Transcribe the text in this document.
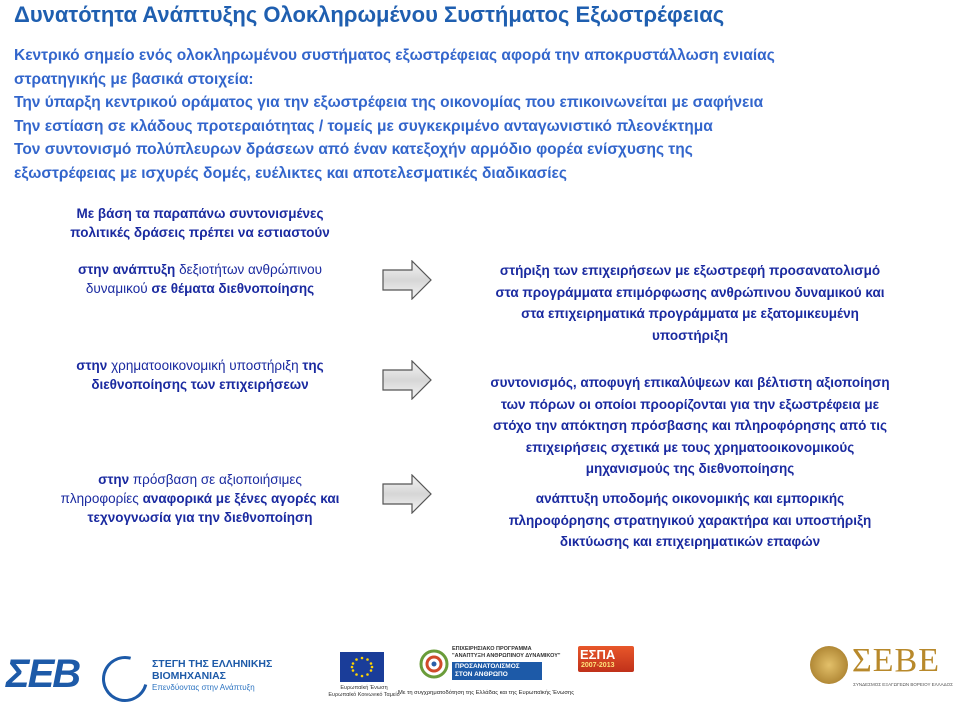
Δυνατότητα Ανάπτυξης Ολοκληρωμένου Συστήματος Εξωστρέφειας
Κεντρικό σημείο ενός ολοκληρωμένου συστήματος εξωστρέφειας αφορά την αποκρυστάλλωση ενιαίας
στρατηγικής με βασικά στοιχεία:
Την ύπαρξη κεντρικού οράματος για την εξωστρέφεια της οικονομίας που επικοινωνείται με σαφήνεια
Την εστίαση σε κλάδους προτεραιότητας / τομείς με συγκεκριμένο ανταγωνιστικό πλεονέκτημα
Τον συντονισμό πολύπλευρων δράσεων από έναν κατεξοχήν αρμόδιο φορέα ενίσχυσης της
εξωστρέφειας με ισχυρές δομές, ευέλικτες και αποτελεσματικές διαδικασίες
Με βάση τα παραπάνω συντονισμένες
πολιτικές δράσεις πρέπει να εστιαστούν
στην ανάπτυξη δεξιοτήτων ανθρώπινου
δυναμικού σε θέματα διεθνοποίησης
στην χρηματοοικονομική υποστήριξη της
διεθνοποίησης των επιχειρήσεων
στην πρόσβαση σε αξιοποιήσιμες
πληροφορίες αναφορικά με ξένες αγορές και
τεχνογνωσία για την διεθνοποίηση
στήριξη των επιχειρήσεων με εξωστρεφή προσανατολισμό
στα προγράμματα επιμόρφωσης ανθρώπινου δυναμικού και
στα επιχειρηματικά προγράμματα με εξατομικευμένη
υποστήριξη
συντονισμός, αποφυγή επικαλύψεων και βέλτιστη αξιοποίηση
των πόρων οι οποίοι προορίζονται για την εξωστρέφεια με
στόχο την απόκτηση πρόσβασης και πληροφόρησης από τις
επιχειρήσεις σχετικά με τους χρηματοοικονομικούς
μηχανισμούς της διεθνοποίησης
ανάπτυξη υποδομής οικονομικής και εμπορικής
πληροφόρησης στρατηγικού χαρακτήρα και υποστήριξη
δικτύωσης και επιχειρηματικών επαφών
ΣΕΒ	ΣΤΕΓΗ ΤΗΣ ΕΛΛΗΝΙΚΗΣ
ΒΙΟΜΗΧΑΝΙΑΣ
Επενδύοντας στην Ανάπτυξη	Ευρωπαϊκή Ένωση
Ευρωπαϊκό Κοινωνικό Ταμείο
ΕΠΙΧΕΙΡΗΣΙΑΚΟ ΠΡΟΓΡΑΜΜΑ
"ΑΝΑΠΤΥΞΗ ΑΝΘΡΩΠΙΝΟΥ ΔΥΝΑΜΙΚΟΥ"
ΠΡΟΣΑΝΑΤΟΛΙΣΜΟΣ
ΣΤΟΝ ΑΝΘΡΩΠΟ
ΕΣΠΑ
2007-2013
Με τη συγχρηματοδότηση της Ελλάδας και της Ευρωπαϊκής Ένωσης
ΣΕΒΕ
ΣΥΝΔΕΣΜΟΣ ΕΞΑΓΩΓΕΩΝ ΒΟΡΕΙΟΥ ΕΛΛΑΔΟΣ
